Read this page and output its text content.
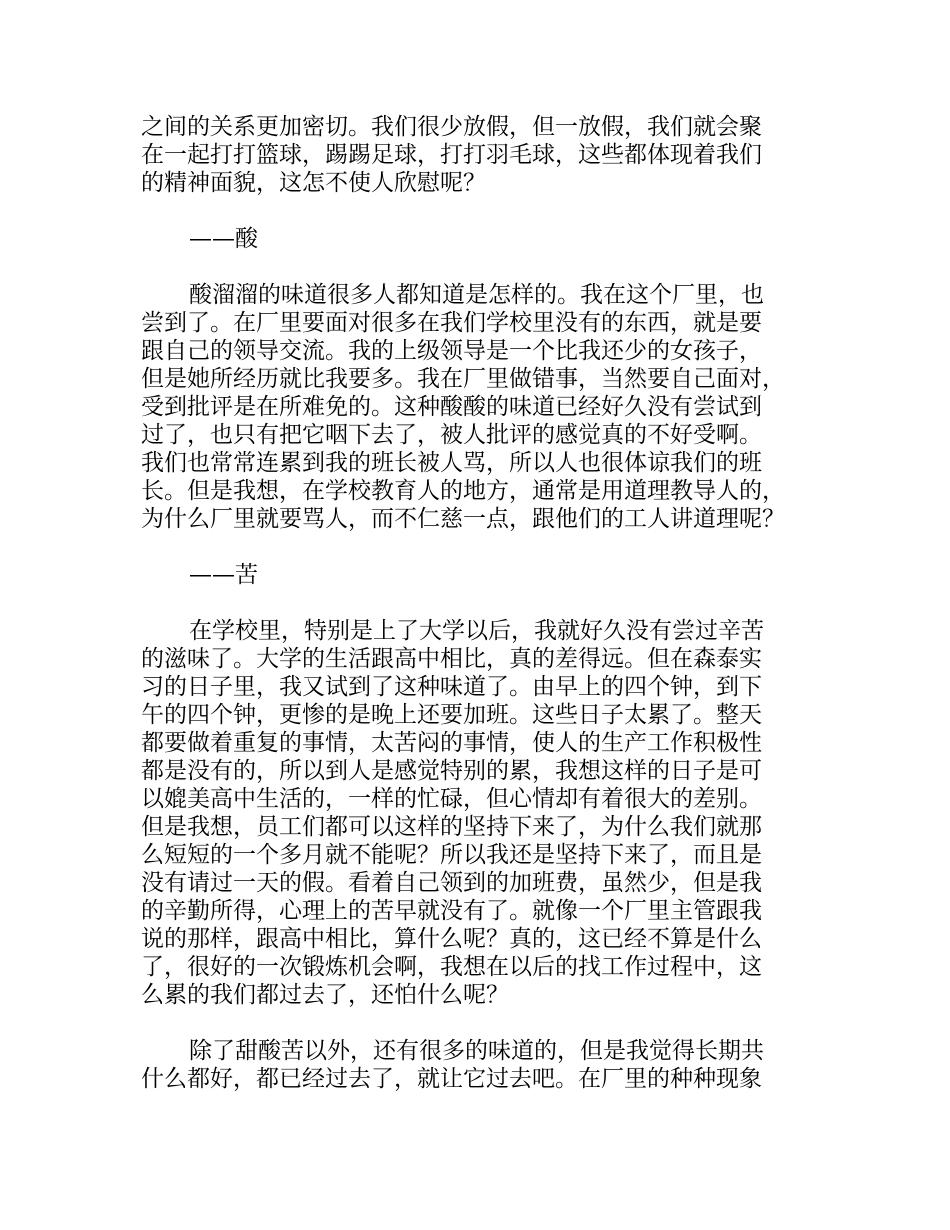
之间的关系更加密切。我们很少放假，但一放假，我们就会聚
在一起打打篮球，踢踢足球，打打羽毛球，这些都体现着我们
的精神面貌，这怎不使人欣慰呢？
——酸
酸溜溜的味道很多人都知道是怎样的。我在这个厂里，也
尝到了。在厂里要面对很多在我们学校里没有的东西，就是要
跟自己的领导交流。我的上级领导是一个比我还少的女孩子，
但是她所经历就比我要多。我在厂里做错事，当然要自己面对，
受到批评是在所难免的。这种酸酸的味道已经好久没有尝试到
过了，也只有把它咽下去了，被人批评的感觉真的不好受啊。
我们也常常连累到我的班长被人骂，所以人也很体谅我们的班
长。但是我想，在学校教育人的地方，通常是用道理教导人的，
为什么厂里就要骂人，而不仁慈一点，跟他们的工人讲道理呢？
——苦
在学校里，特别是上了大学以后，我就好久没有尝过辛苦
的滋味了。大学的生活跟高中相比，真的差得远。但在森泰实
习的日子里，我又试到了这种味道了。由早上的四个钟，到下
午的四个钟，更惨的是晚上还要加班。这些日子太累了。整天
都要做着重复的事情，太苦闷的事情，使人的生产工作积极性
都是没有的，所以到人是感觉特别的累，我想这样的日子是可
以媲美高中生活的，一样的忙碌，但心情却有着很大的差别。
但是我想，员工们都可以这样的坚持下来了，为什么我们就那
么短短的一个多月就不能呢？所以我还是坚持下来了，而且是
没有请过一天的假。看着自己领到的加班费，虽然少，但是我
的辛勤所得，心理上的苦早就没有了。就像一个厂里主管跟我
说的那样，跟高中相比，算什么呢？真的，这已经不算是什么
了，很好的一次锻炼机会啊，我想在以后的找工作过程中，这
么累的我们都过去了，还怕什么呢？
除了甜酸苦以外，还有很多的味道的，但是我觉得长期共
什么都好，都已经过去了，就让它过去吧。在厂里的种种现象
